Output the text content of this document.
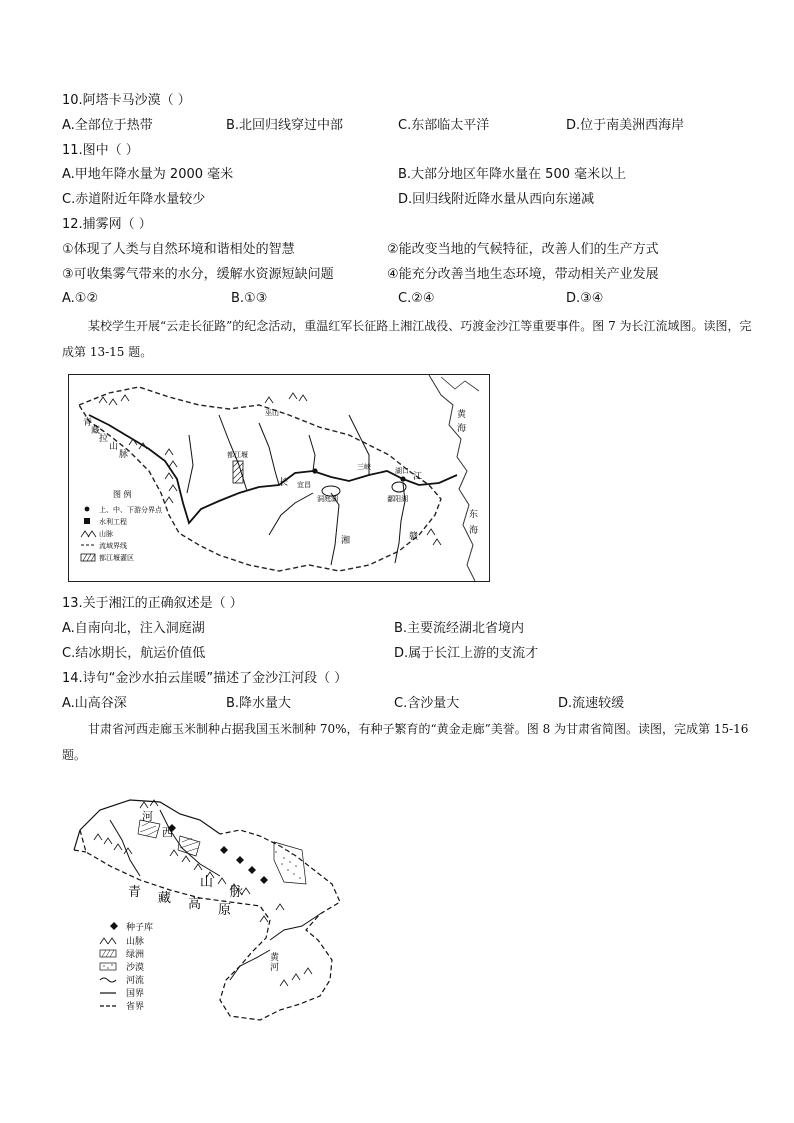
10.阿塔卡马沙漠（ ）
A.全部位于热带	B.北回归线穿过中部	C.东部临太平洋	D.位于南美洲西海岸
11.图中（ ）
A.甲地年降水量为 2000 毫米	B.大部分地区年降水量在 500 毫米以上
C.赤道附近年降水量较少	D.回归线附近降水量从西向东递减
12.捕雾网（ ）
①体现了人类与自然环境和谐相处的智慧	②能改变当地的气候特征，改善人们的生产方式
③可收集雾气带来的水分，缓解水资源短缺问题	④能充分改善当地生态环境，带动相关产业发展
A.①②	B.①③	C.②④	D.③④
某校学生开展“云走长征路”的纪念活动，重温红军长征路上湘江战役、巧渡金沙江等重要事件。图 7 为长江流域图。读图，完成第 13-15 题。
青
藏
拉
山
脉	都江堰
长 宜昌
洞庭湖	鄱阳湖
湖口
江
湘	赣
黄
海
东
海
巫山
三峡
图 例
上、中、下游分界点
水利工程
山脉
流域界线
都江堰灌区
13.关于湘江的正确叙述是（ ）
A.自南向北，注入洞庭湖	B.主要流经湖北省境内
C.结冰期长，航运价值低	D.属于长江上游的支流才
14.诗句“金沙水拍云崖暖”描述了金沙江河段（ ）
A.山高谷深	B.降水量大	C.含沙量大	D.流速较缓
甘肃省河西走廊玉米制种占据我国玉米制种 70%，有种子繁育的“黄金走廊”美誉。图 8 为甘肃省简图。读图，完成第 15-16 题。
河
西
青 藏 高 原
山
脉
黄
河
种子库
山脉
绿洲
沙漠
河流
国界
省界
